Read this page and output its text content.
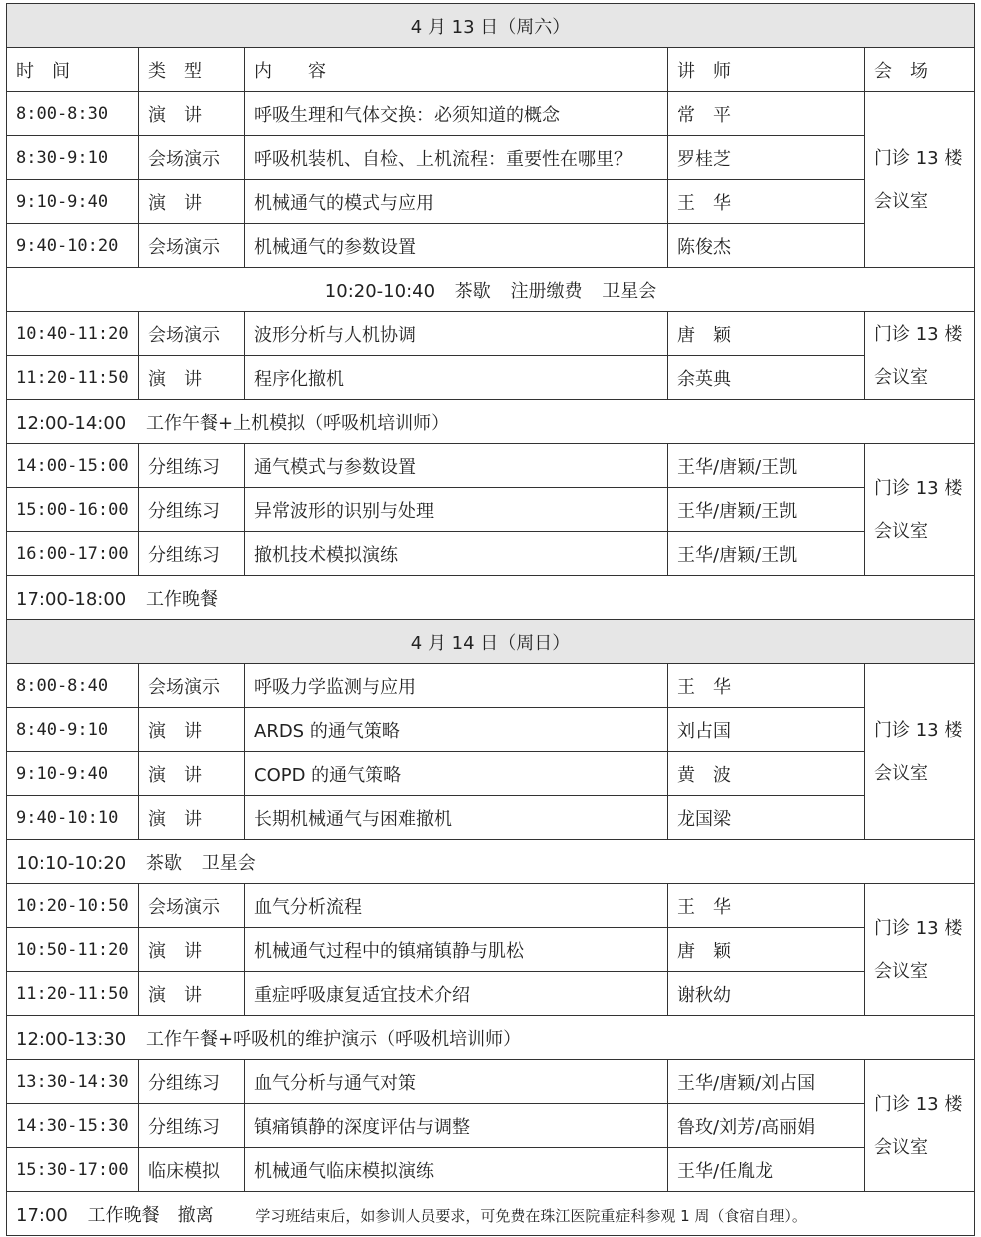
4 月 13 日（周六）				
时　间	类　型	内　　容	讲　师	会　场
8:00-8:30	演　讲	呼吸生理和气体交换：必须知道的概念	常　平	门诊 13 楼
会议室
8:30-9:10	会场演示	呼吸机装机、自检、上机流程：重要性在哪里？	罗桂芝	
9:10-9:40	演　讲	机械通气的模式与应用	王　华	
9:40-10:20	会场演示	机械通气的参数设置	陈俊杰	
10:20-10:40 茶歇 注册缴费 卫星会				
10:40-11:20	会场演示	波形分析与人机协调	唐　颖	门诊 13 楼
会议室
11:20-11:50	演　讲	程序化撤机	余英典	
12:00-14:00 工作午餐+上机模拟（呼吸机培训师）				
14:00-15:00	分组练习	通气模式与参数设置	王华/唐颖/王凯	门诊 13 楼
会议室
15:00-16:00	分组练习	异常波形的识别与处理	王华/唐颖/王凯	
16:00-17:00	分组练习	撤机技术模拟演练	王华/唐颖/王凯	
17:00-18:00 工作晚餐				
4 月 14 日（周日）				
8:00-8:40	会场演示	呼吸力学监测与应用	王　华	门诊 13 楼
会议室
8:40-9:10	演　讲	ARDS 的通气策略	刘占国	
9:10-9:40	演　讲	COPD 的通气策略	黄　波	
9:40-10:10	演　讲	长期机械通气与困难撤机	龙国梁	
10:10-10:20 茶歇 卫星会				
10:20-10:50	会场演示	血气分析流程	王　华	门诊 13 楼
会议室
10:50-11:20	演　讲	机械通气过程中的镇痛镇静与肌松	唐　颖	
11:20-11:50	演　讲	重症呼吸康复适宜技术介绍	谢秋幼	
12:00-13:30 工作午餐+呼吸机的维护演示（呼吸机培训师）				
13:30-14:30	分组练习	血气分析与通气对策	王华/唐颖/刘占国	门诊 13 楼
会议室
14:30-15:30	分组练习	镇痛镇静的深度评估与调整	鲁玫/刘芳/高丽娟	
15:30-17:00	临床模拟	机械通气临床模拟演练	王华/任胤龙	
17:00 工作晚餐　撤离 学习班结束后，如参训人员要求，可免费在珠江医院重症科参观 1 周（食宿自理）。				
